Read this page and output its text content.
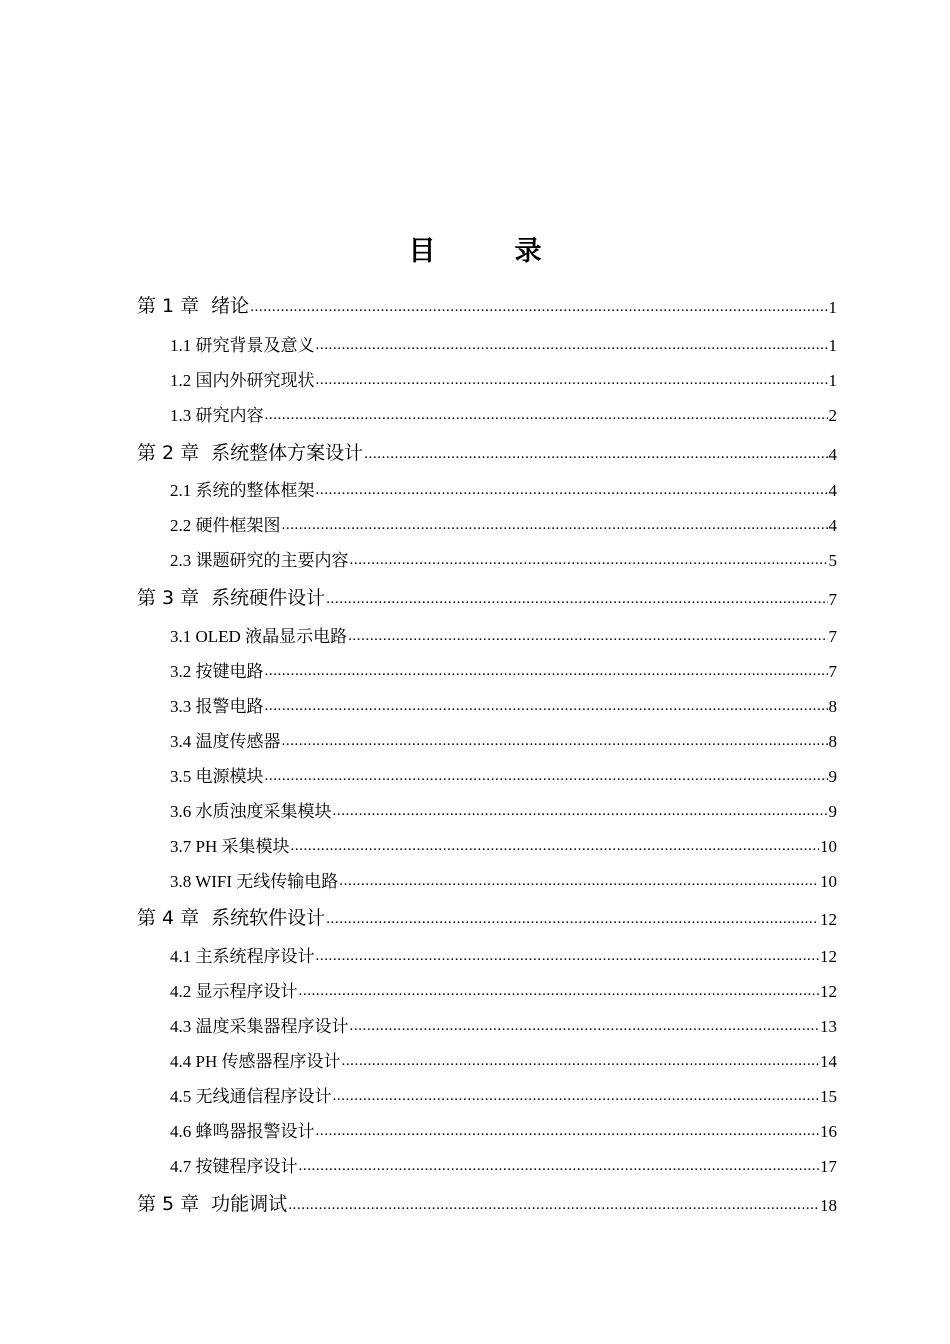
目　录
第 1 章 绪论 .....	1
1.1 研究背景及意义 .....	1
1.2 国内外研究现状 .....	1
1.3 研究内容 .....	2
第 2 章 系统整体方案设计 .....	4
2.1 系统的整体框架 .....	4
2.2 硬件框架图 .....	4
2.3 课题研究的主要内容 .....	5
第 3 章 系统硬件设计 .....	7
3.1 OLED 液晶显示电路 .....	7
3.2 按键电路 .....	7
3.3 报警电路 .....	8
3.4 温度传感器 .....	8
3.5 电源模块 .....	9
3.6 水质浊度采集模块 .....	9
3.7 PH 采集模块 .....	10
3.8 WIFI 无线传输电路 .....	10
第 4 章 系统软件设计 .....	12
4.1 主系统程序设计 .....	12
4.2 显示程序设计 .....	12
4.3 温度采集器程序设计 .....	13
4.4 PH 传感器程序设计 .....	14
4.5 无线通信程序设计 .....	15
4.6 蜂鸣器报警设计 .....	16
4.7 按键程序设计 .....	17
第 5 章 功能调试 .....	18
